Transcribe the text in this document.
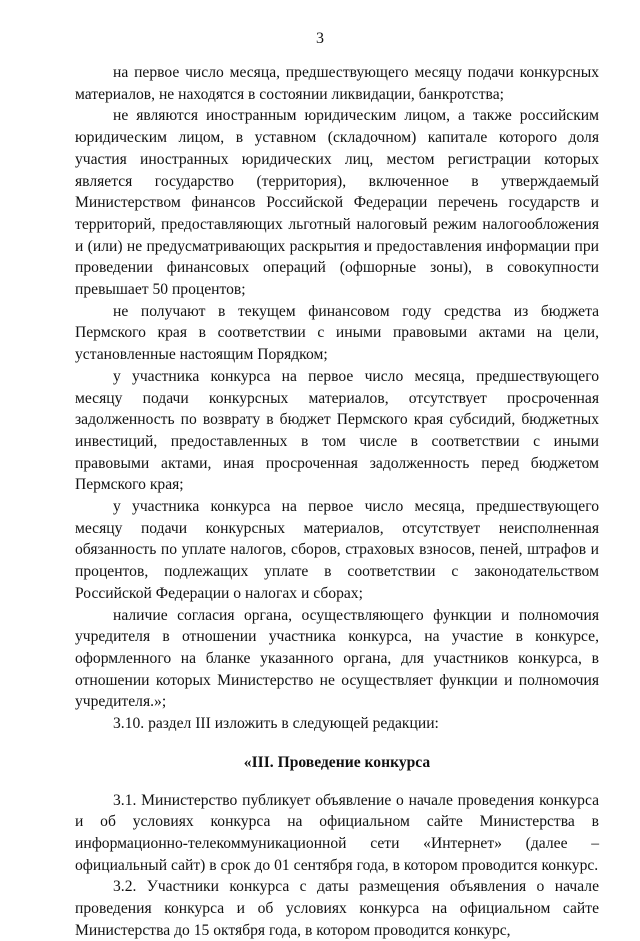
3

на первое число месяца, предшествующего месяцу подачи конкурсных материалов, не находятся в состоянии ликвидации, банкротства;

не являются иностранным юридическим лицом, а также российским юридическим лицом, в уставном (складочном) капитале которого доля участия иностранных юридических лиц, местом регистрации которых является государство (территория), включенное в утверждаемый Министерством финансов Российской Федерации перечень государств и территорий, предоставляющих льготный налоговый режим налогообложения и (или) не предусматривающих раскрытия и предоставления информации при проведении финансовых операций (офшорные зоны), в совокупности превышает 50 процентов;

не получают в текущем финансовом году средства из бюджета Пермского края в соответствии с иными правовыми актами на цели, установленные настоящим Порядком;

у участника конкурса на первое число месяца, предшествующего месяцу подачи конкурсных материалов, отсутствует просроченная задолженность по возврату в бюджет Пермского края субсидий, бюджетных инвестиций, предоставленных в том числе в соответствии с иными правовыми актами, иная просроченная задолженность перед бюджетом Пермского края;

у участника конкурса на первое число месяца, предшествующего месяцу подачи конкурсных материалов, отсутствует неисполненная обязанность по уплате налогов, сборов, страховых взносов, пеней, штрафов и процентов, подлежащих уплате в соответствии с законодательством Российской Федерации о налогах и сборах;

наличие согласия органа, осуществляющего функции и полномочия учредителя в отношении участника конкурса, на участие в конкурсе, оформленного на бланке указанного органа, для участников конкурса, в отношении которых Министерство не осуществляет функции и полномочия учредителя.»;

3.10. раздел III изложить в следующей редакции:

«III. Проведение конкурса

3.1. Министерство публикует объявление о начале проведения конкурса и об условиях конкурса на официальном сайте Министерства в информационно-телекоммуникационной сети «Интернет» (далее – официальный сайт) в срок до 01 сентября года, в котором проводится конкурс.

3.2. Участники конкурса с даты размещения объявления о начале проведения конкурса и об условиях конкурса на официальном сайте Министерства до 15 октября года, в котором проводится конкурс,
